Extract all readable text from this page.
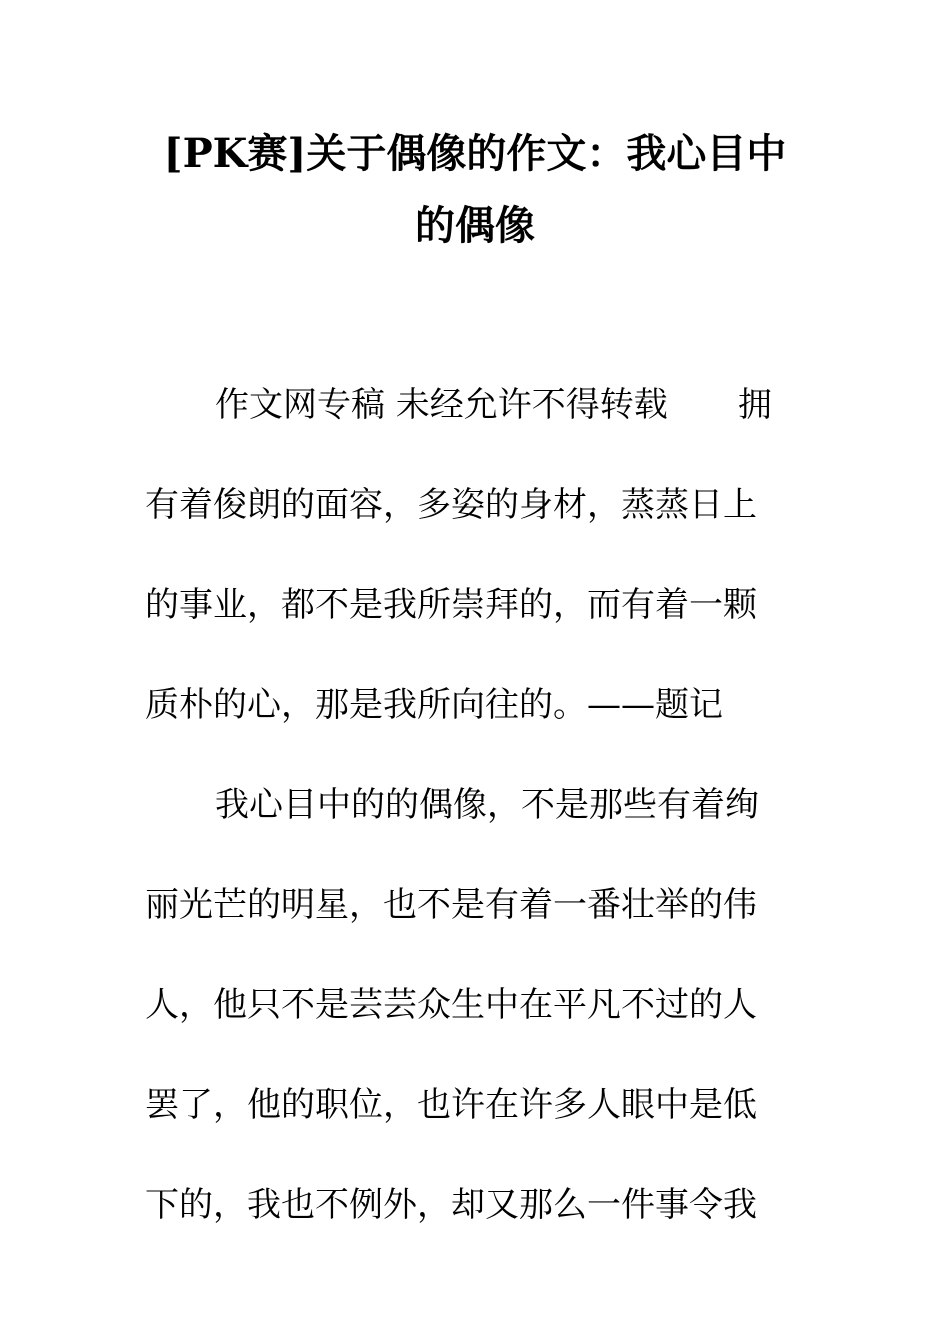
[PK赛]关于偶像的作文：我心目中
的偶像
作文网专稿 未经允许不得转载 拥
有着俊朗的面容，多姿的身材，蒸蒸日上
的事业，都不是我所崇拜的，而有着一颗
质朴的心，那是我所向往的。——题记
我心目中的的偶像，不是那些有着绚
丽光芒的明星，也不是有着一番壮举的伟
人，他只不是芸芸众生中在平凡不过的人
罢了，他的职位，也许在许多人眼中是低
下的，我也不例外，却又那么一件事令我
